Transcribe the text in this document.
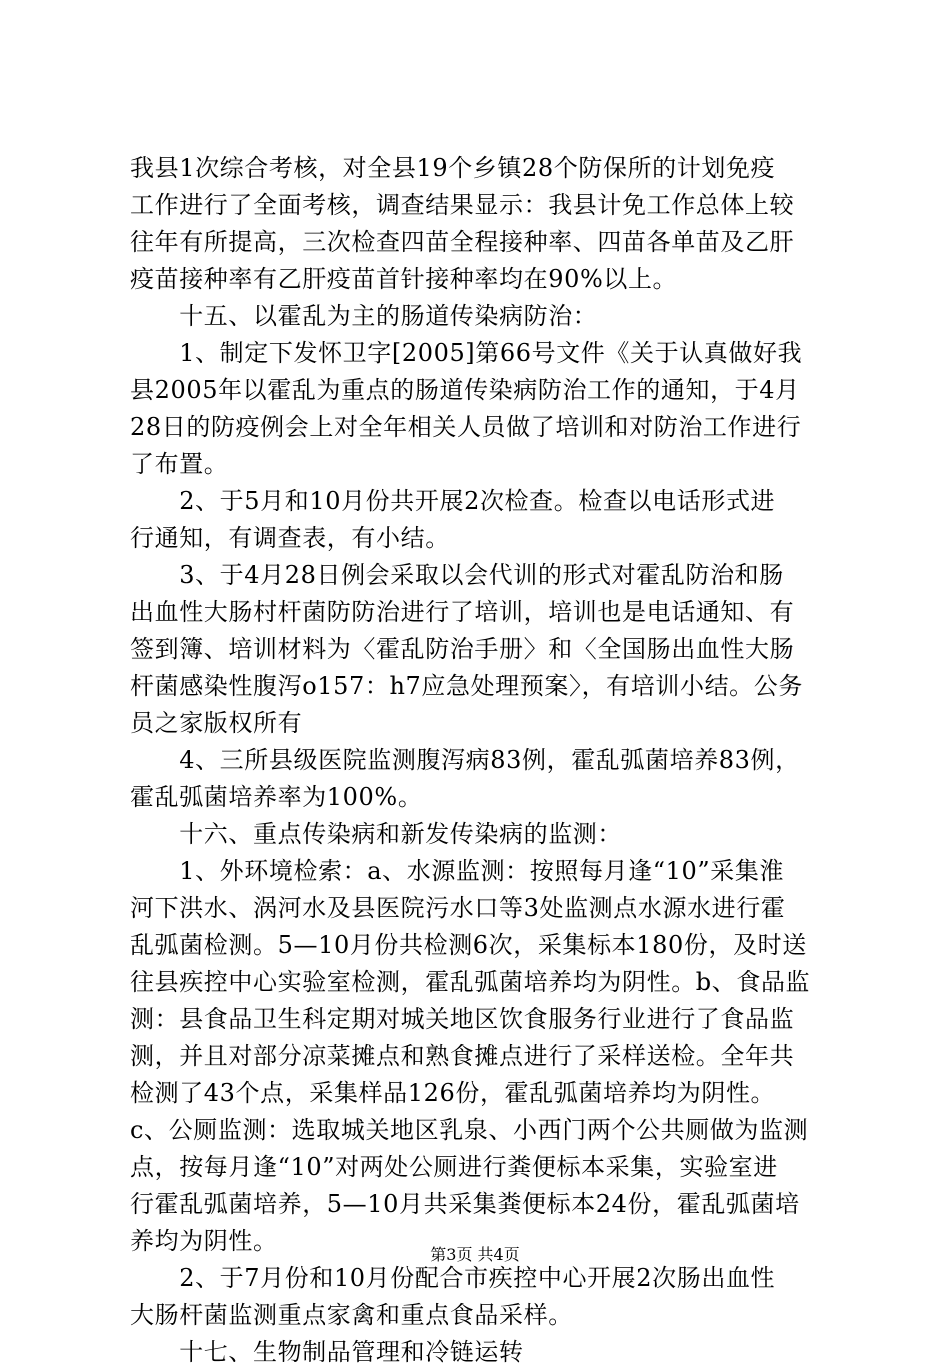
我县1次综合考核，对全县19个乡镇28个防保所的计划免疫
工作进行了全面考核，调查结果显示：我县计免工作总体上较
往年有所提高，三次检查四苗全程接种率、四苗各单苗及乙肝
疫苗接种率有乙肝疫苗首针接种率均在90%以上。
　　十五、以霍乱为主的肠道传染病防治：
　　1、制定下发怀卫字[2005]第66号文件《关于认真做好我
县2005年以霍乱为重点的肠道传染病防治工作的通知，于4月
28日的防疫例会上对全年相关人员做了培训和对防治工作进行
了布置。
　　2、于5月和10月份共开展2次检查。检查以电话形式进
行通知，有调查表，有小结。
　　3、于4月28日例会采取以会代训的形式对霍乱防治和肠
出血性大肠村杆菌防防治进行了培训，培训也是电话通知、有
签到簿、培训材料为〈霍乱防治手册〉和〈全国肠出血性大肠
杆菌感染性腹泻o157：h7应急处理预案〉，有培训小结。公务
员之家版权所有
　　4、三所县级医院监测腹泻病83例，霍乱弧菌培养83例，
霍乱弧菌培养率为100%。
　　十六、重点传染病和新发传染病的监测：
　　1、外环境检索：a、水源监测：按照每月逢“10”采集淮
河下洪水、涡河水及县医院污水口等3处监测点水源水进行霍
乱弧菌检测。5—10月份共检测6次，采集标本180份，及时送
往县疾控中心实验室检测，霍乱弧菌培养均为阴性。b、食品监
测：县食品卫生科定期对城关地区饮食服务行业进行了食品监
测，并且对部分凉菜摊点和熟食摊点进行了采样送检。全年共
检测了43个点，采集样品126份，霍乱弧菌培养均为阴性。
c、公厕监测：选取城关地区乳泉、小西门两个公共厕做为监测
点，按每月逢“10”对两处公厕进行粪便标本采集，实验室进
行霍乱弧菌培养，5—10月共采集粪便标本24份，霍乱弧菌培
养均为阴性。
　　2、于7月份和10月份配合市疾控中心开展2次肠出血性
大肠杆菌监测重点家禽和重点食品采样。
　　十七、生物制品管理和冷链运转
第3页 共4页
